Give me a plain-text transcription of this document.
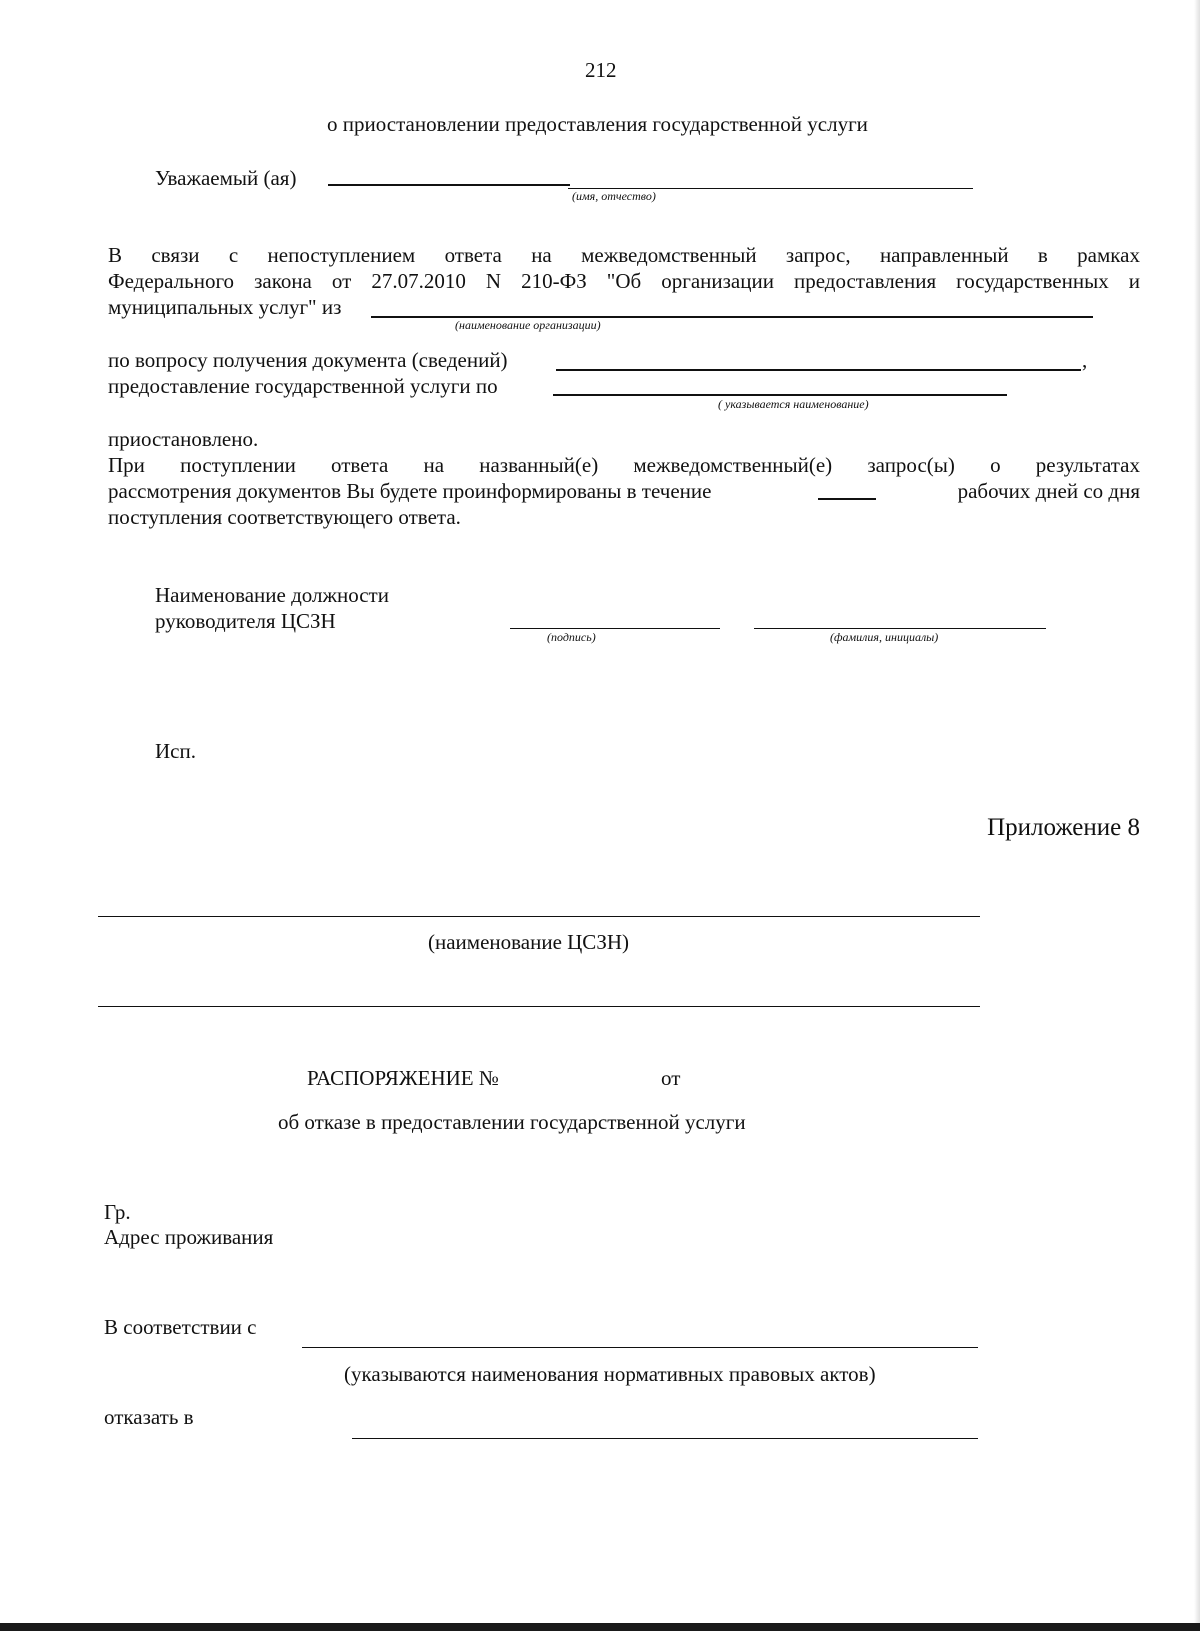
212
о приостановлении предоставления государственной услуги
Уважаемый (ая)
(имя, отчество)
В связи с непоступлением ответа на межведомственный запрос, направленный в рамках
Федерального закона от 27.07.2010 N 210-ФЗ "Об организации предоставления государственных и
муниципальных услуг" из
(наименование организации)
по вопросу получения документа (сведений)	,
предоставление государственной услуги по
( указывается наименование)
приостановлено.
При поступлении ответа на названный(е) межведомственный(е) запрос(ы) о результатах
рассмотрения документов Вы будете проинформированы в течение	рабочих дней со дня
поступления соответствующего ответа.
Наименование должности
руководителя ЦСЗН
(подпись)	(фамилия, инициалы)
Исп.
Приложение 8
(наименование ЦСЗН)
РАСПОРЯЖЕНИЕ №	от
об отказе в предоставлении государственной услуги
Гр.
Адрес проживания
В соответствии с
(указываются наименования нормативных правовых актов)
отказать в
